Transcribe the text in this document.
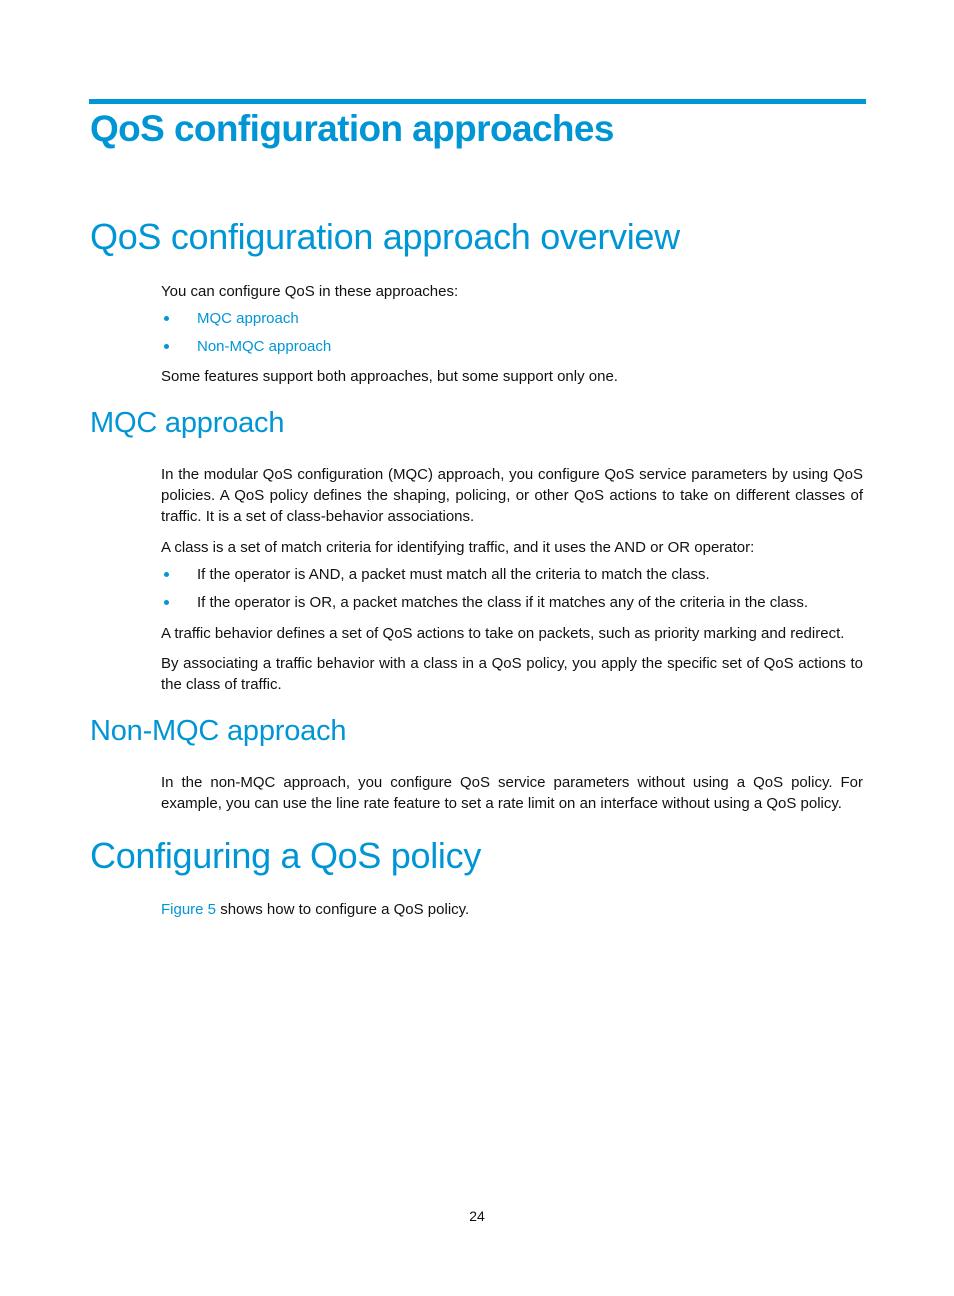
QoS configuration approaches
QoS configuration approach overview

You can configure QoS in these approaches:

MQC approach
Non-MQC approach

Some features support both approaches, but some support only one.

MQC approach

In the modular QoS configuration (MQC) approach, you configure QoS service parameters by using QoS policies. A QoS policy defines the shaping, policing, or other QoS actions to take on different classes of traffic. It is a set of class-behavior associations.

A class is a set of match criteria for identifying traffic, and it uses the AND or OR operator:

If the operator is AND, a packet must match all the criteria to match the class.
If the operator is OR, a packet matches the class if it matches any of the criteria in the class.

A traffic behavior defines a set of QoS actions to take on packets, such as priority marking and redirect.

By associating a traffic behavior with a class in a QoS policy, you apply the specific set of QoS actions to the class of traffic.

Non-MQC approach

In the non-MQC approach, you configure QoS service parameters without using a QoS policy. For example, you can use the line rate feature to set a rate limit on an interface without using a QoS policy.

Configuring a QoS policy

Figure 5 shows how to configure a QoS policy.

24
